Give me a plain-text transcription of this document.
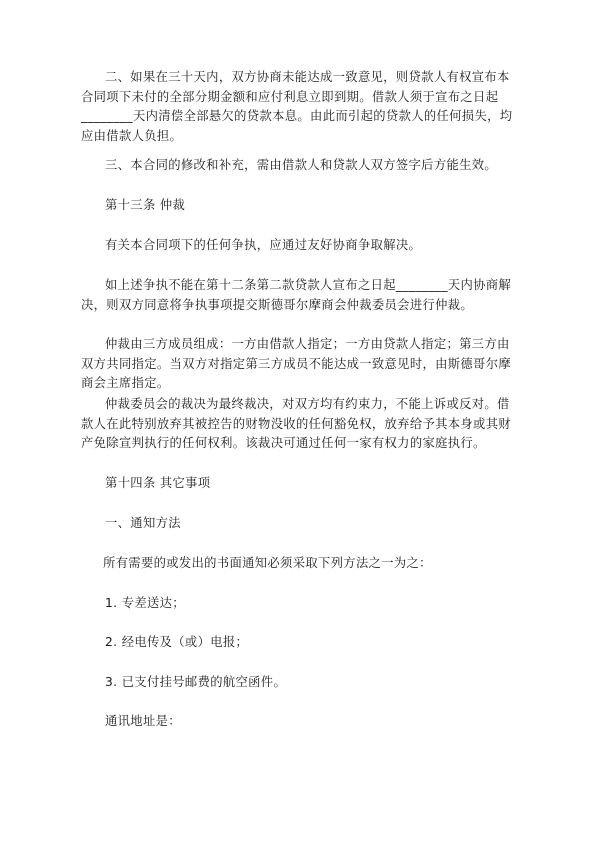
二、如果在三十天内，双方协商未能达成一致意见，则贷款人有权宣布本合同项下未付的全部分期金额和应付利息立即到期。借款人须于宣布之日起________天内清偿全部悬欠的贷款本息。由此而引起的贷款人的任何损失，均应由借款人负担。

三、本合同的修改和补充，需由借款人和贷款人双方签字后方能生效。

第十三条 仲裁

有关本合同项下的任何争执，应通过友好协商争取解决。

如上述争执不能在第十二条第二款贷款人宣布之日起________天内协商解决，则双方同意将争执事项提交斯德哥尔摩商会仲裁委员会进行仲裁。

仲裁由三方成员组成：一方由借款人指定；一方由贷款人指定；第三方由双方共同指定。当双方对指定第三方成员不能达成一致意见时，由斯德哥尔摩商会主席指定。

仲裁委员会的裁决为最终裁决，对双方均有约束力，不能上诉或反对。借款人在此特别放弃其被控告的财物没收的任何豁免权，放弃给予其本身或其财产免除宣判执行的任何权利。该裁决可通过任何一家有权力的家庭执行。

第十四条 其它事项

一、通知方法

所有需要的或发出的书面通知必须采取下列方法之一为之：

1. 专差送达；

2. 经电传及（或）电报；

3. 已支付挂号邮费的航空函件。

通讯地址是：
